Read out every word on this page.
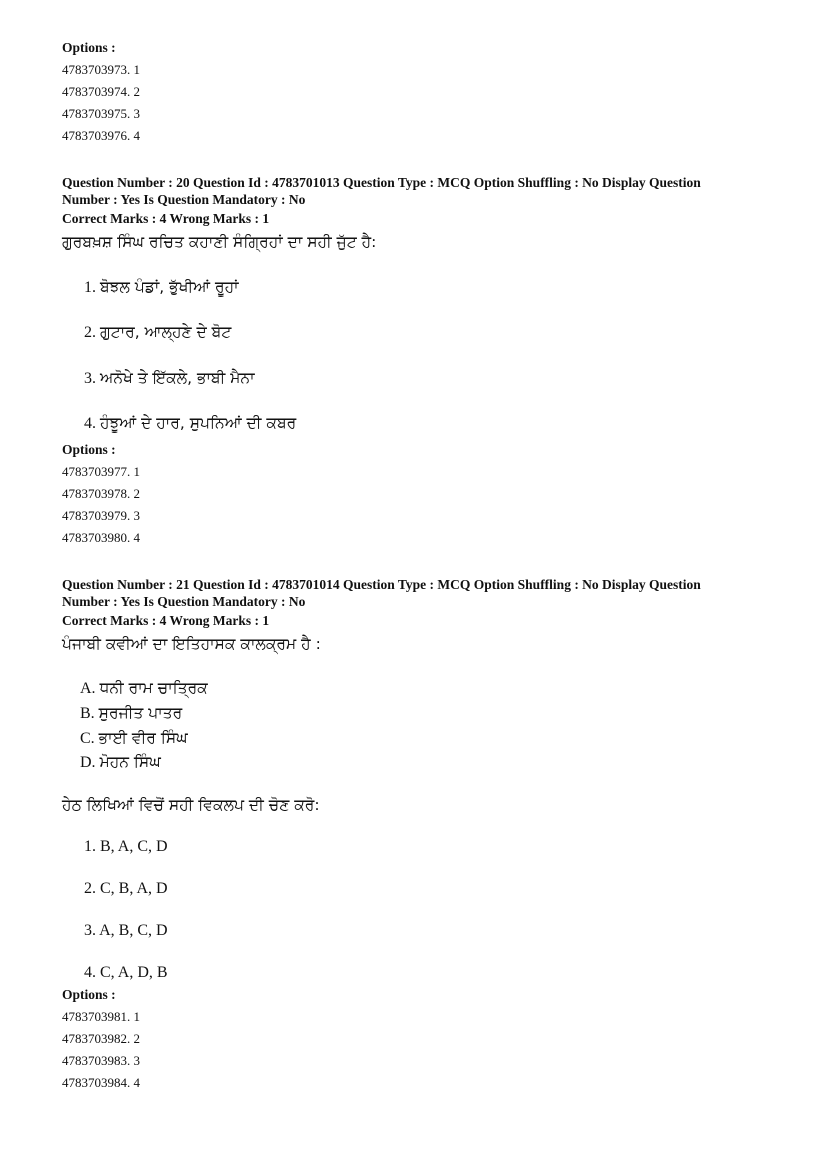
Options :
4783703973. 1
4783703974. 2
4783703975. 3
4783703976. 4
Question Number : 20 Question Id : 4783701013 Question Type : MCQ Option Shuffling : No Display Question
Number : Yes Is Question Mandatory : No
Correct Marks : 4 Wrong Marks : 1
ਗੁਰਬਖ਼ਸ਼ ਸਿੰਘ ਰਚਿਤ ਕਹਾਣੀ ਸੰਗ੍ਰਿਹਾਂ ਦਾ ਸਹੀ ਜੁੱਟ ਹੈ:
1. ਬੋਝਲ ਪੰਡਾਂ, ਭੁੱਖੀਆਂ ਰੂਹਾਂ
2. ਗੁਟਾਰ, ਆਲ੍ਹਣੇ ਦੇ ਬੋਟ
3. ਅਨੋਖੇ ਤੇ ਇੱਕਲੇ, ਭਾਬੀ ਮੈਨਾ
4. ਹੰਝੂਆਂ ਦੇ ਹਾਰ, ਸੁਪਨਿਆਂ ਦੀ ਕਬਰ
Options :
4783703977. 1
4783703978. 2
4783703979. 3
4783703980. 4
Question Number : 21 Question Id : 4783701014 Question Type : MCQ Option Shuffling : No Display Question
Number : Yes Is Question Mandatory : No
Correct Marks : 4 Wrong Marks : 1
ਪੰਜਾਬੀ ਕਵੀਆਂ ਦਾ ਇਤਿਹਾਸਕ ਕਾਲਕ੍ਰਮ ਹੈ :
A. ਧਨੀ ਰਾਮ ਚਾਤ੍ਰਿਕ
B. ਸੁਰਜੀਤ ਪਾਤਰ
C. ਭਾਈ ਵੀਰ ਸਿੰਘ
D. ਮੋਹਨ ਸਿੰਘ
ਹੇਠ ਲਿਖਿਆਂ ਵਿਚੋਂ ਸਹੀ ਵਿਕਲਪ ਦੀ ਚੋਣ ਕਰੋ:
1. B, A, C, D
2. C, B, A, D
3. A, B, C, D
4. C, A, D, B
Options :
4783703981. 1
4783703982. 2
4783703983. 3
4783703984. 4
